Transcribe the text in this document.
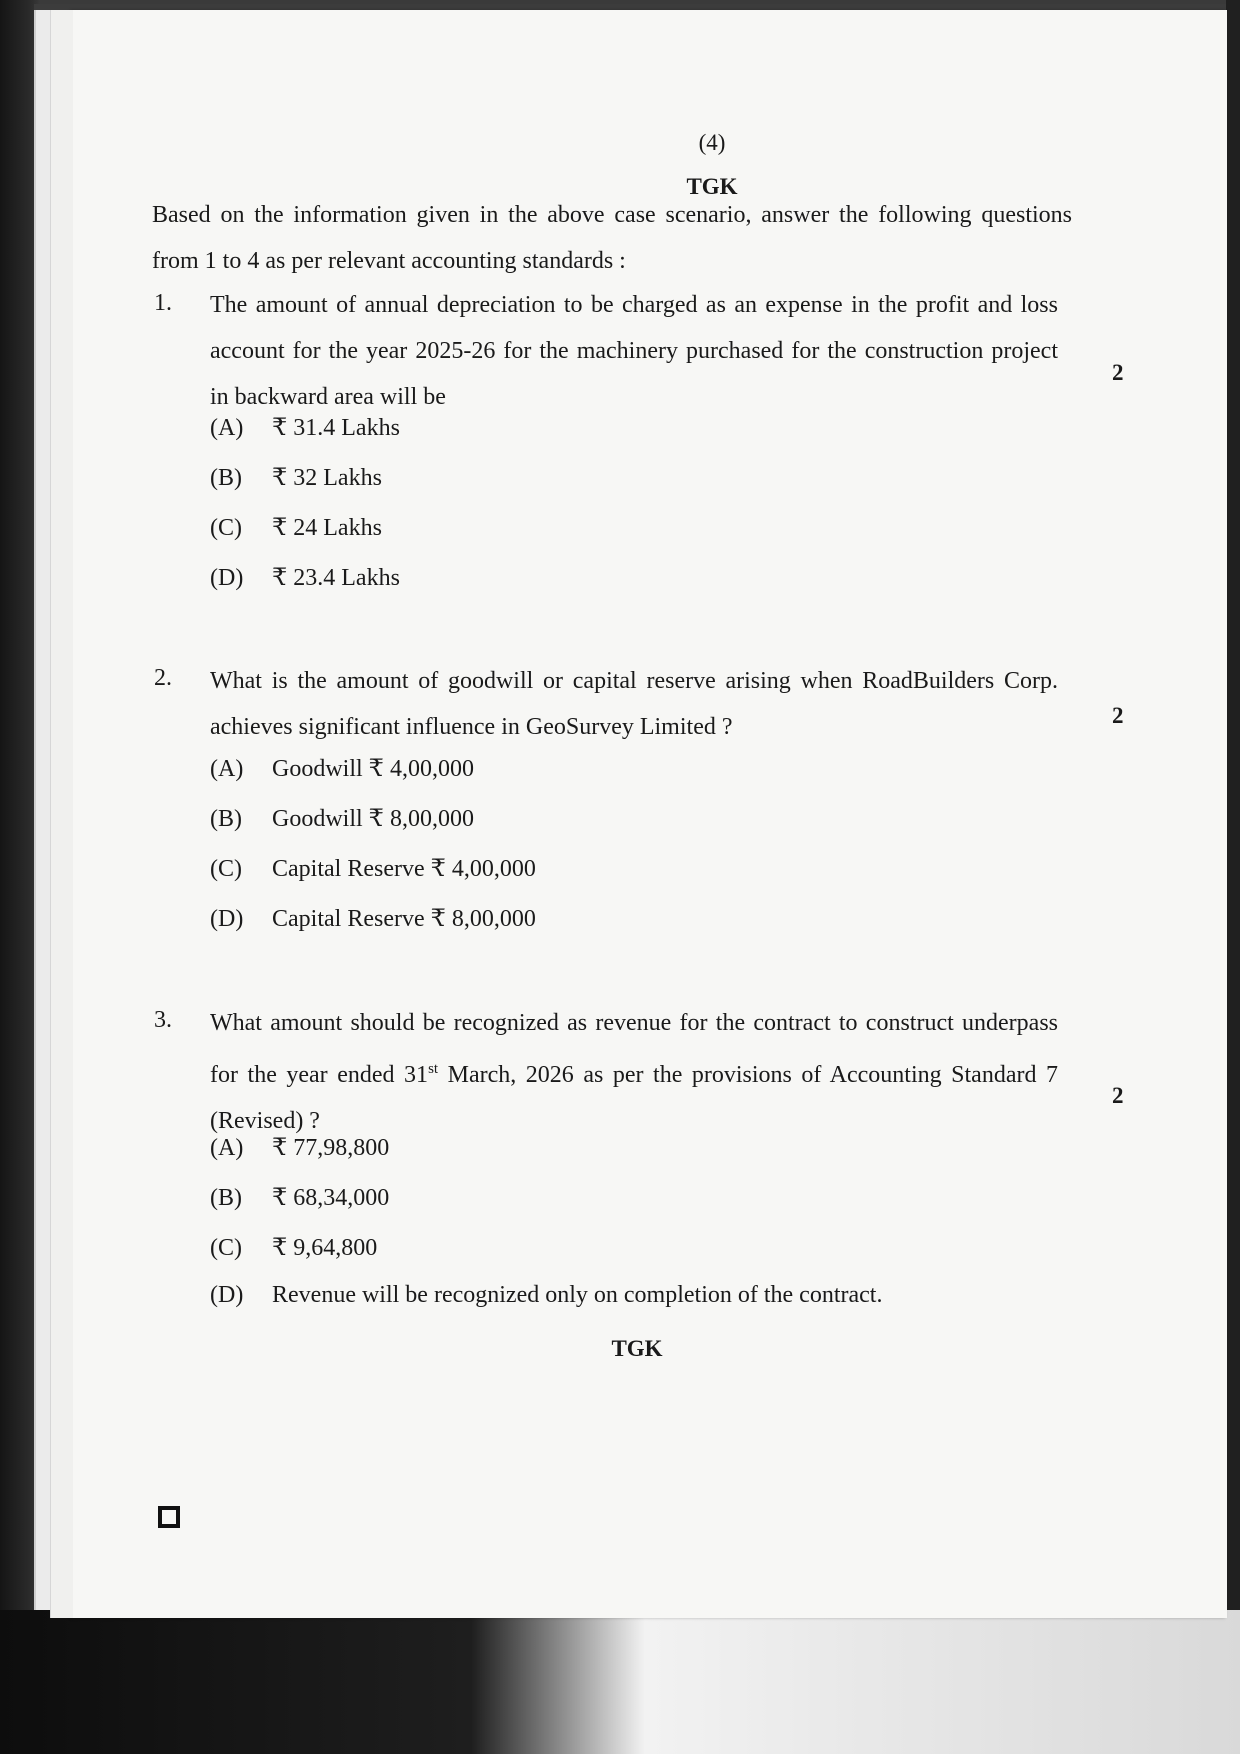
(4)
TGK
Based on the information given in the above case scenario, answer the following questions from 1 to 4 as per relevant accounting standards :
1. The amount of annual depreciation to be charged as an expense in the profit and loss account for the year 2025-26 for the machinery purchased for the construction project in backward area will be
2
(A) ₹ 31.4 Lakhs
(B) ₹ 32 Lakhs
(C) ₹ 24 Lakhs
(D) ₹ 23.4 Lakhs
2. What is the amount of goodwill or capital reserve arising when RoadBuilders Corp. achieves significant influence in GeoSurvey Limited ?	2
(A) Goodwill ₹ 4,00,000
(B) Goodwill ₹ 8,00,000
(C) Capital Reserve ₹ 4,00,000
(D) Capital Reserve ₹ 8,00,000
3. What amount should be recognized as revenue for the contract to construct underpass for the year ended 31st March, 2026 as per the provisions of Accounting Standard 7 (Revised) ?
2
(A) ₹ 77,98,800
(B) ₹ 68,34,000
(C) ₹ 9,64,800
(D) Revenue will be recognized only on completion of the contract.
TGK
